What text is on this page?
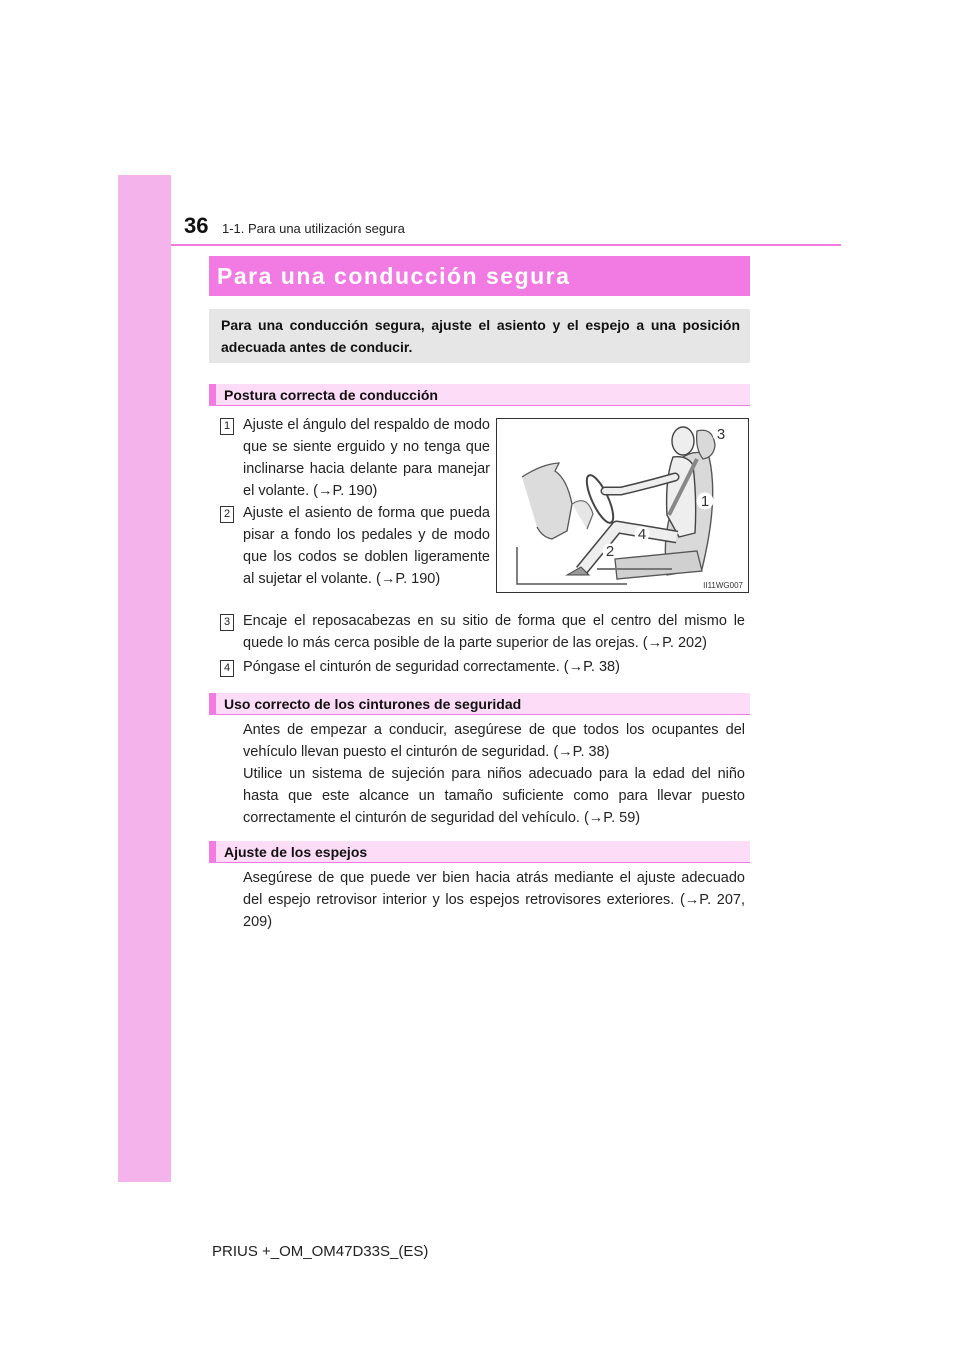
36 1-1. Para una utilización segura
Para una conducción segura
Para una conducción segura, ajuste el asiento y el espejo a una posición adecuada antes de conducir.
Postura correcta de conducción
1 Ajuste el ángulo del respaldo de modo que se siente erguido y no tenga que inclinarse hacia delante para manejar el volante. (→P. 190)
2 Ajuste el asiento de forma que pueda pisar a fondo los pedales y de modo que los codos se doblen ligeramente al sujetar el volante. (→P. 190)
3
1
4
2
II11WG007
3 Encaje el reposacabezas en su sitio de forma que el centro del mismo le quede lo más cerca posible de la parte superior de las orejas. (→P. 202)
4 Póngase el cinturón de seguridad correctamente. (→P. 38)
Uso correcto de los cinturones de seguridad
Antes de empezar a conducir, asegúrese de que todos los ocupantes del vehículo llevan puesto el cinturón de seguridad. (→P. 38)
Utilice un sistema de sujeción para niños adecuado para la edad del niño hasta que este alcance un tamaño suficiente como para llevar puesto correctamente el cinturón de seguridad del vehículo. (→P. 59)
Ajuste de los espejos
Asegúrese de que puede ver bien hacia atrás mediante el ajuste adecuado del espejo retrovisor interior y los espejos retrovisores exteriores. (→P. 207, 209)
PRIUS +_OM_OM47D33S_(ES)
